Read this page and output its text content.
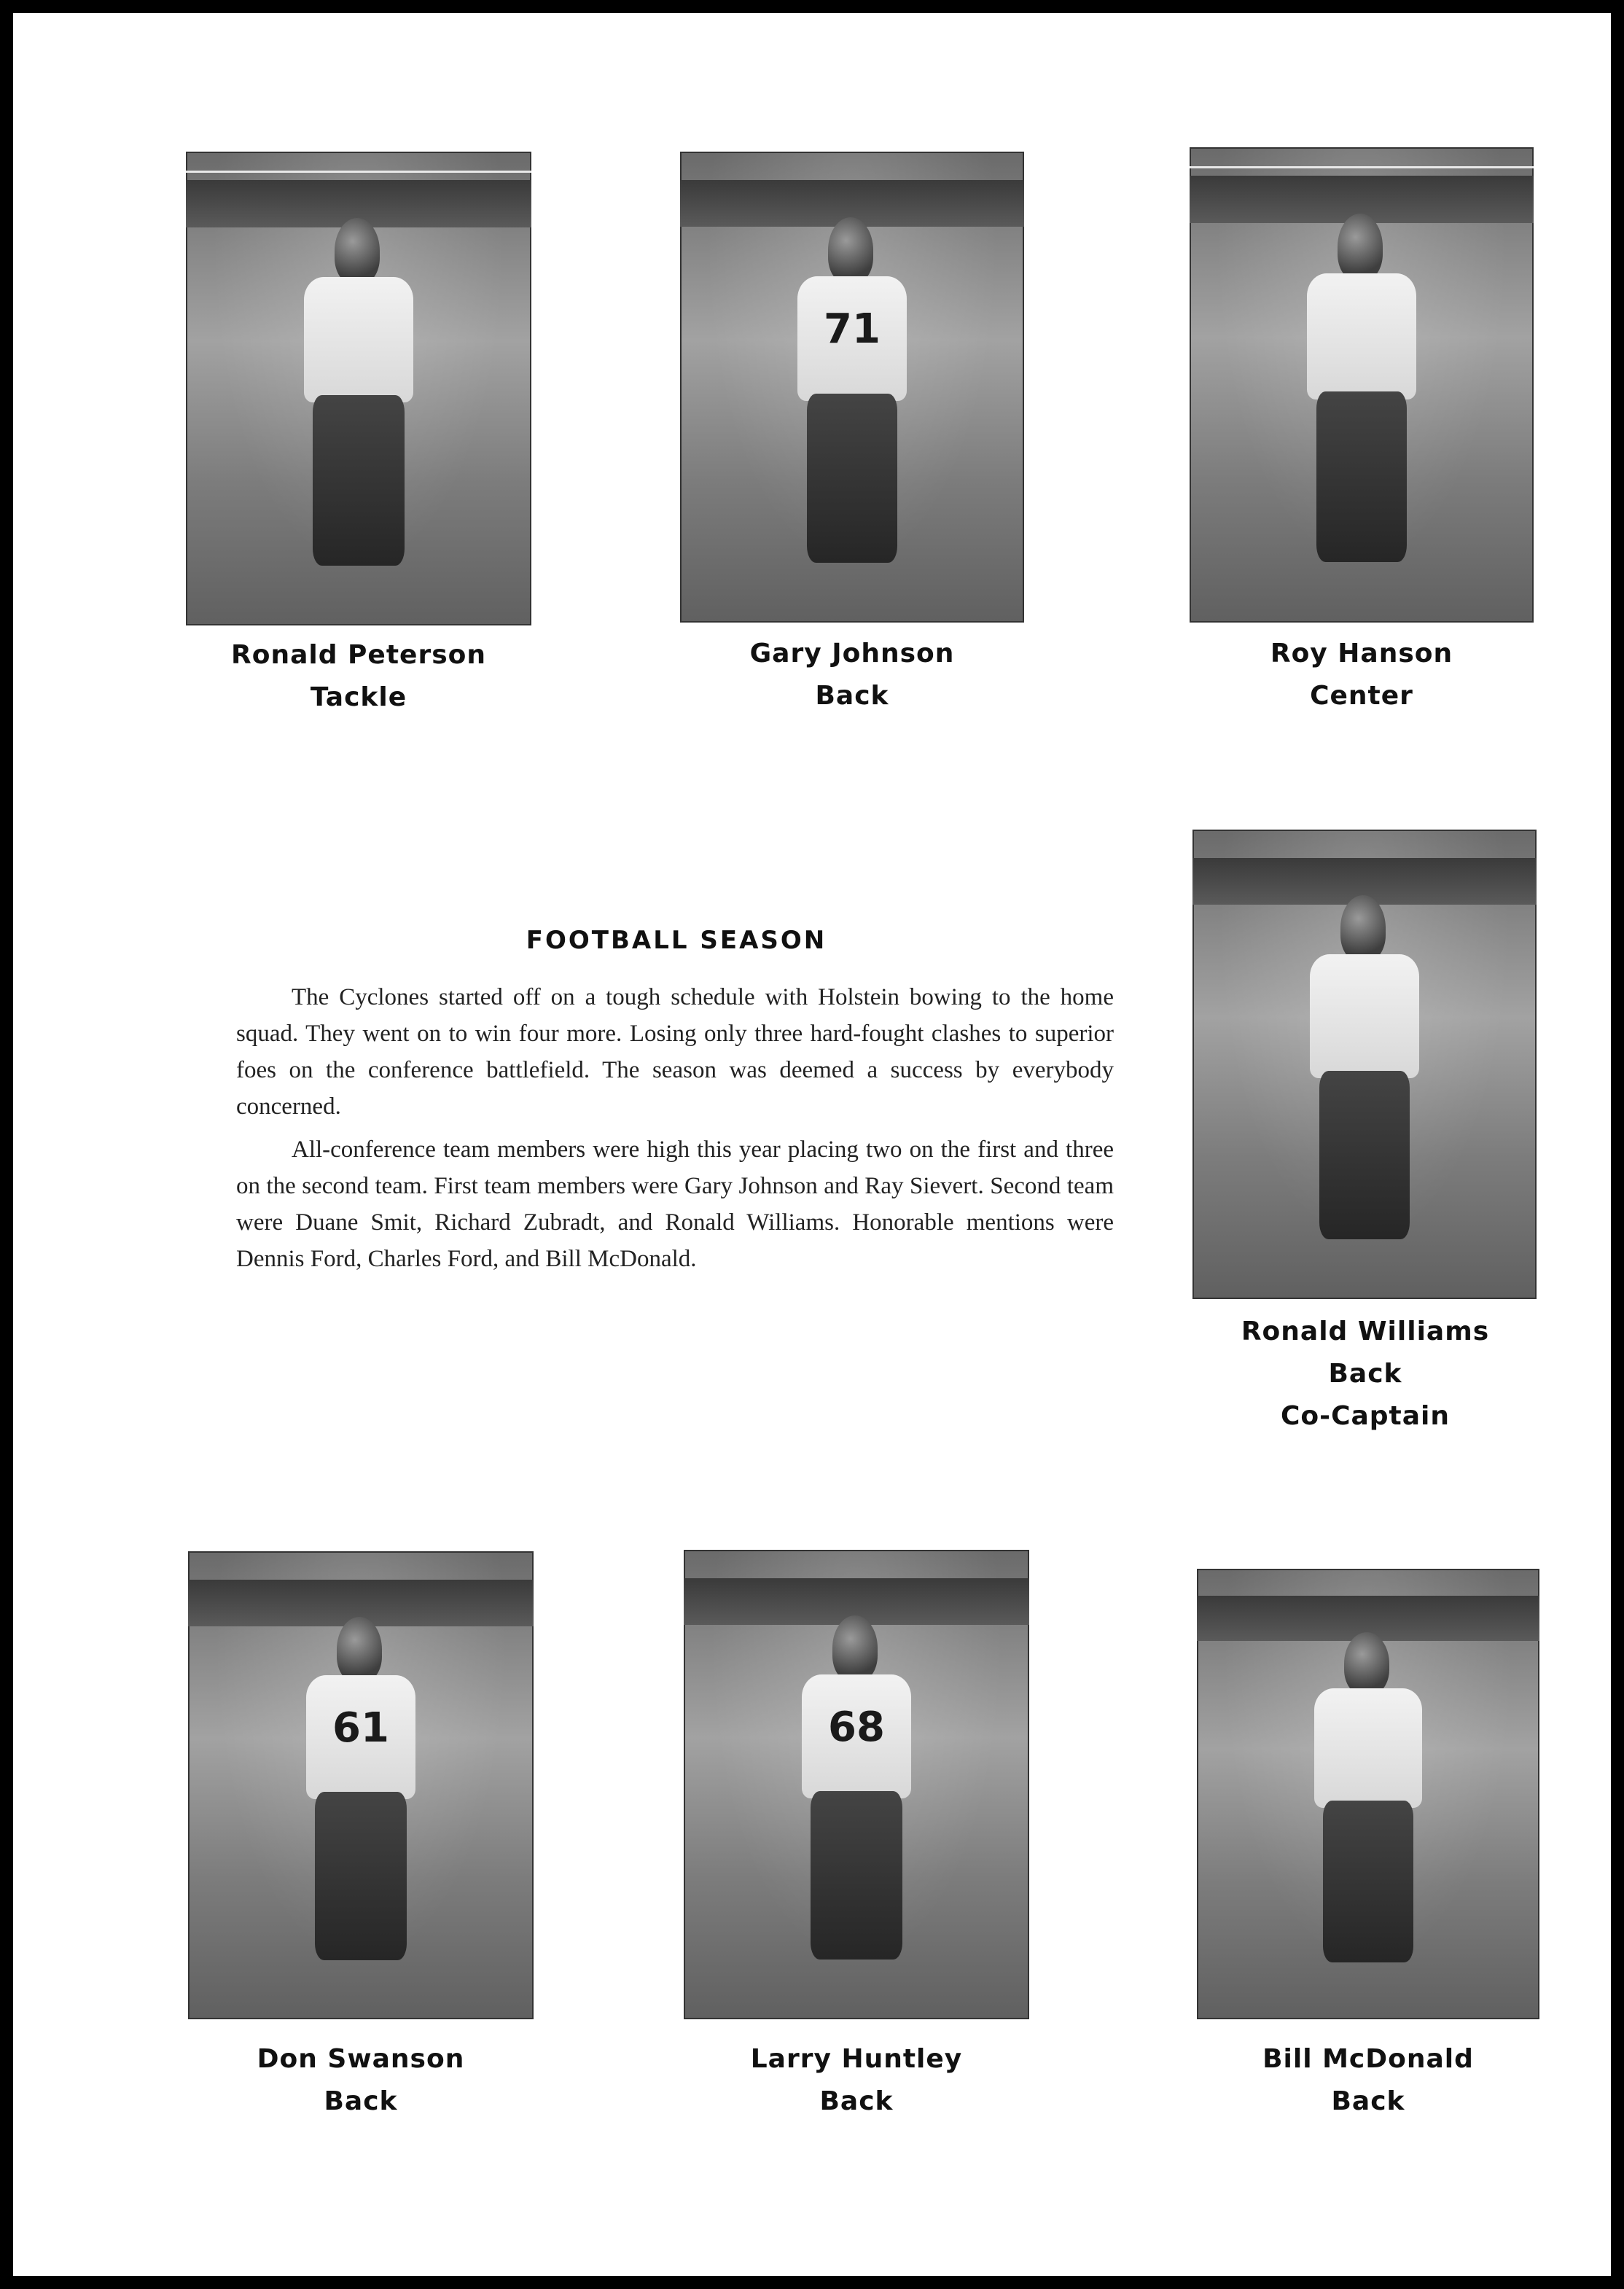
Ronald Peterson
Tackle
71
Gary Johnson
Back
Roy Hanson
Center
FOOTBALL SEASON

The Cyclones started off on a tough schedule with Holstein bowing to the home squad. They went on to win four more. Losing only three hard-fought clashes to superior foes on the conference battlefield. The season was deemed a success by everybody concerned.

All-conference team members were high this year placing two on the first and three on the second team. First team members were Gary Johnson and Ray Sievert. Second team were Duane Smit, Richard Zubradt, and Ronald Williams. Honorable mentions were Dennis Ford, Charles Ford, and Bill McDonald.

Ronald Williams
Back
Co-Captain
61
Don Swanson
Back
68
Larry Huntley
Back
Bill McDonald
Back
